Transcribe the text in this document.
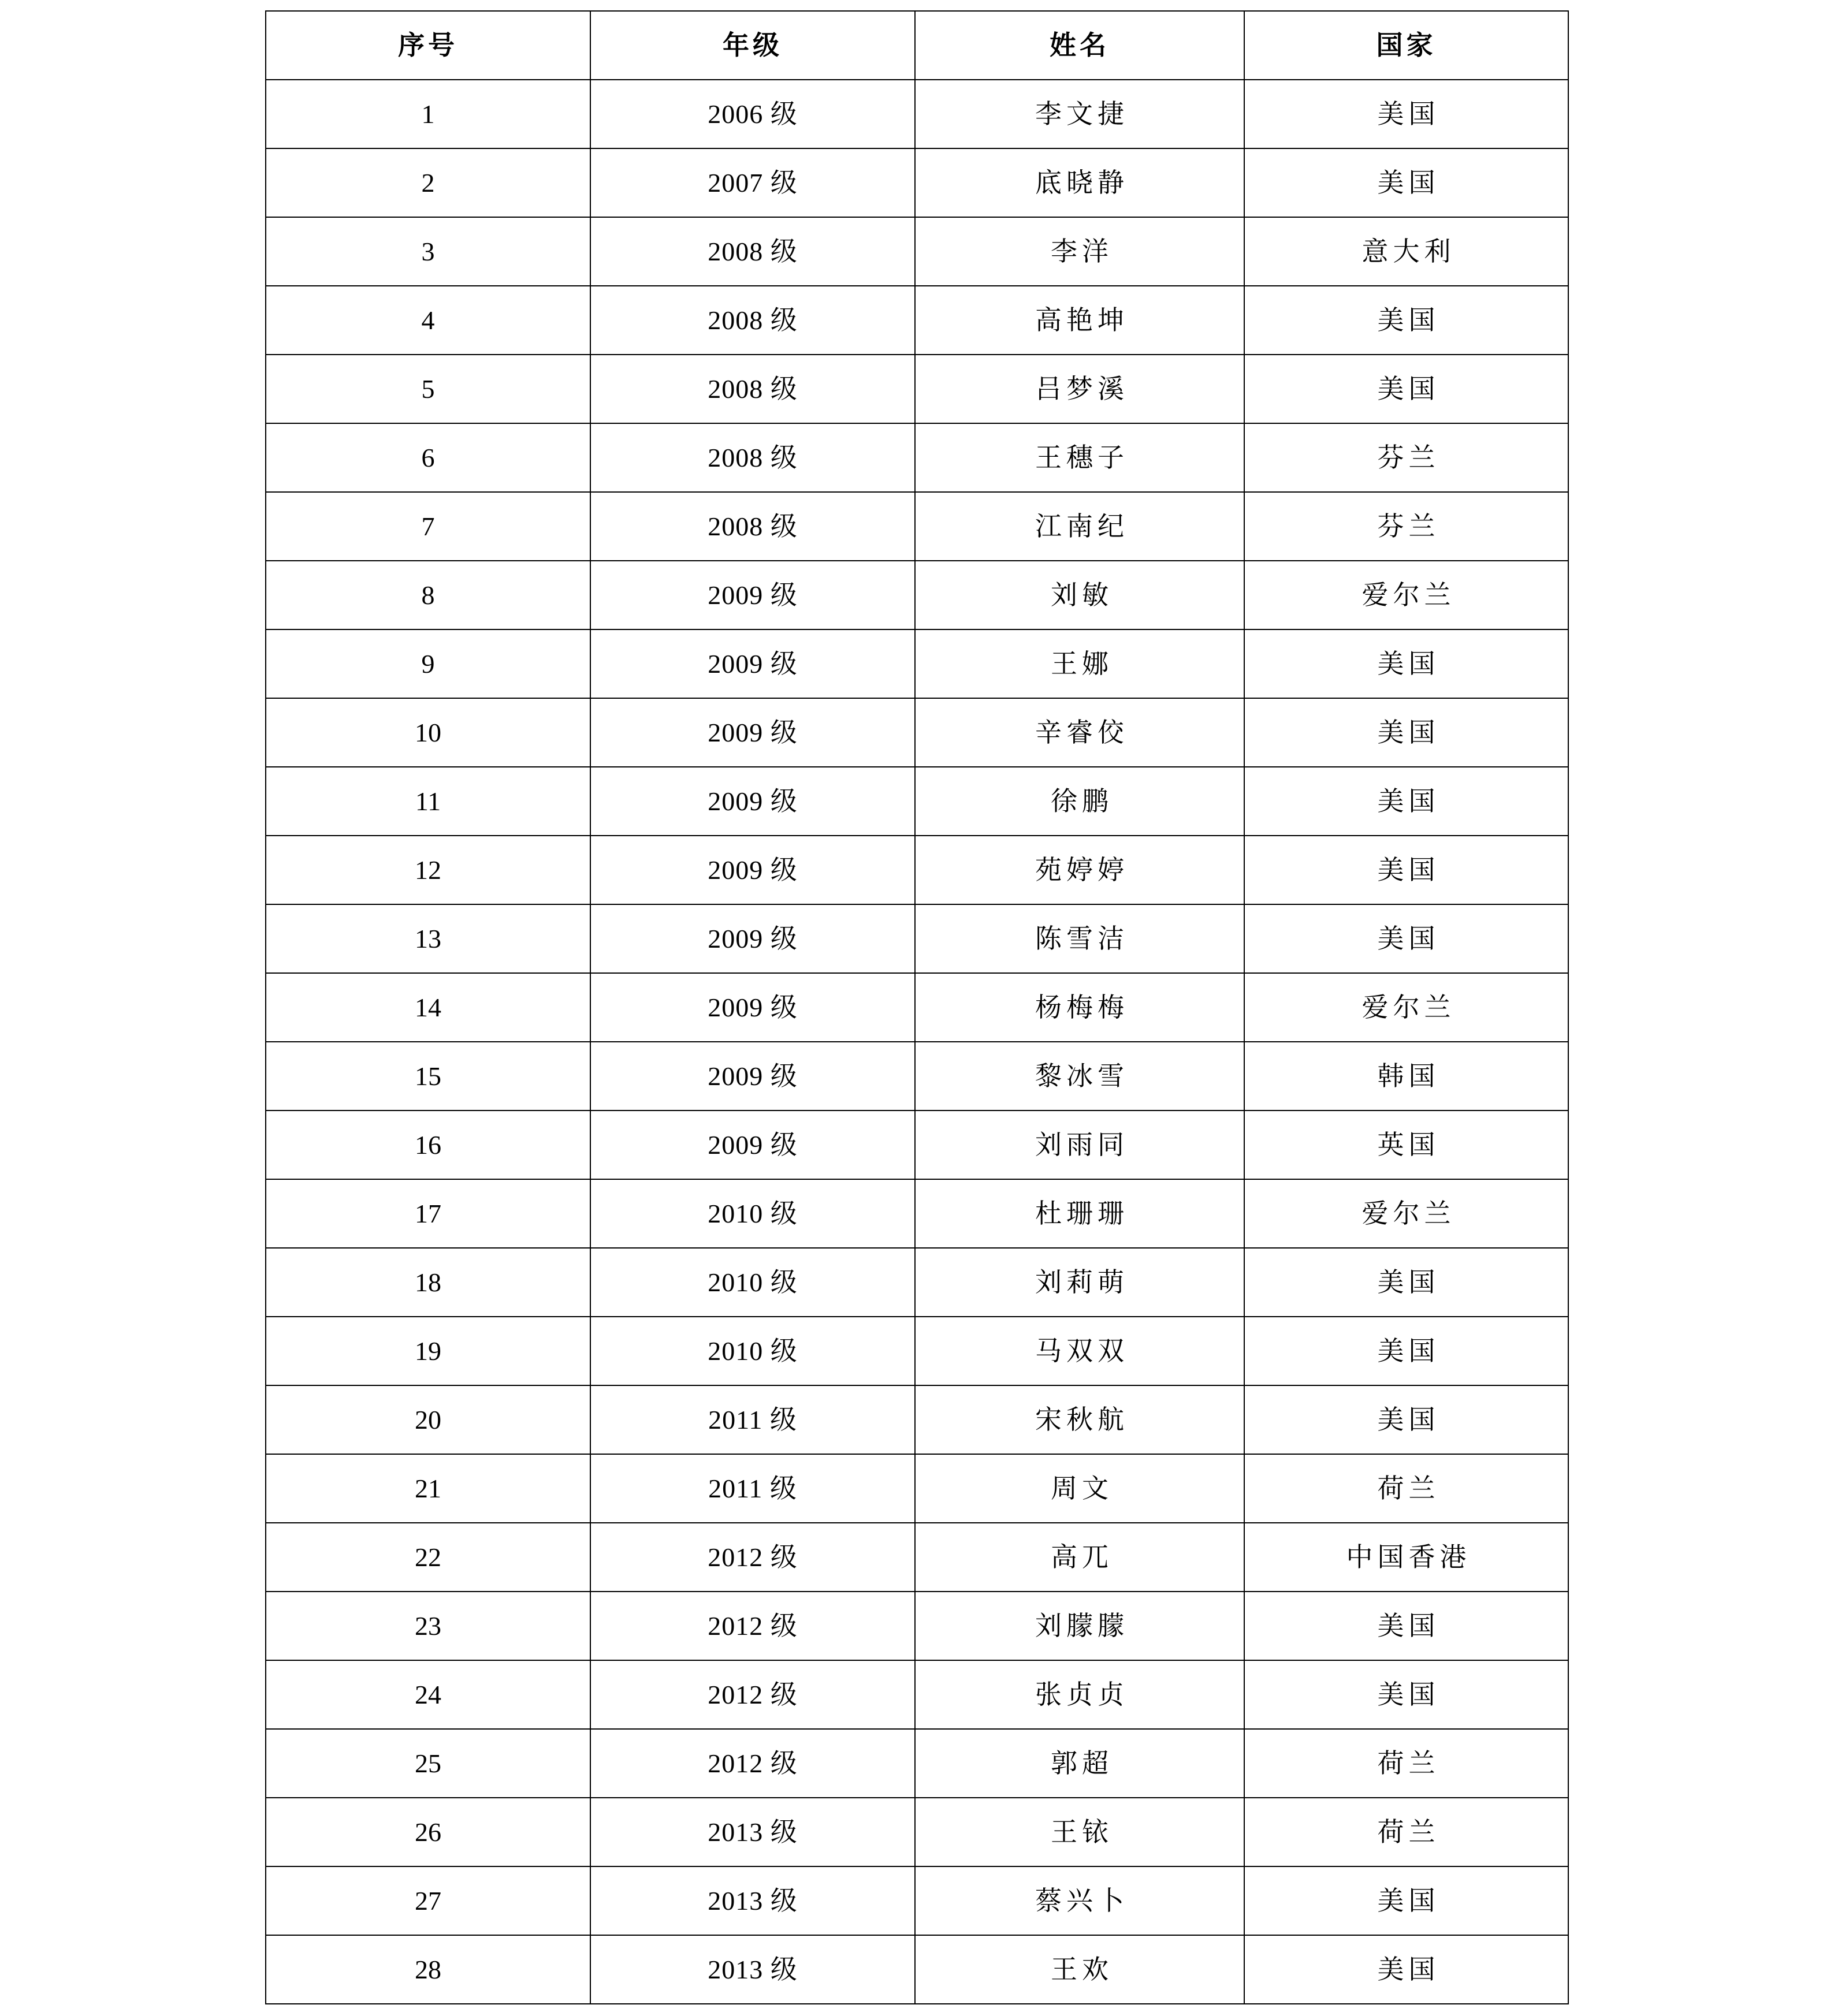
序号	年级	姓名	国家
1	2006 级	李文捷	美国
2	2007 级	底晓静	美国
3	2008 级	李洋	意大利
4	2008 级	高艳坤	美国
5	2008 级	吕梦溪	美国
6	2008 级	王穗子	芬兰
7	2008 级	江南纪	芬兰
8	2009 级	刘敏	爱尔兰
9	2009 级	王娜	美国
10	2009 级	辛睿佼	美国
11	2009 级	徐鹏	美国
12	2009 级	苑婷婷	美国
13	2009 级	陈雪洁	美国
14	2009 级	杨梅梅	爱尔兰
15	2009 级	黎冰雪	韩国
16	2009 级	刘雨同	英国
17	2010 级	杜珊珊	爱尔兰
18	2010 级	刘莉萌	美国
19	2010 级	马双双	美国
20	2011 级	宋秋航	美国
21	2011 级	周文	荷兰
22	2012 级	高兀	中国香港
23	2012 级	刘朦朦	美国
24	2012 级	张贞贞	美国
25	2012 级	郭超	荷兰
26	2013 级	王铱	荷兰
27	2013 级	蔡兴卜	美国
28	2013 级	王欢	美国
